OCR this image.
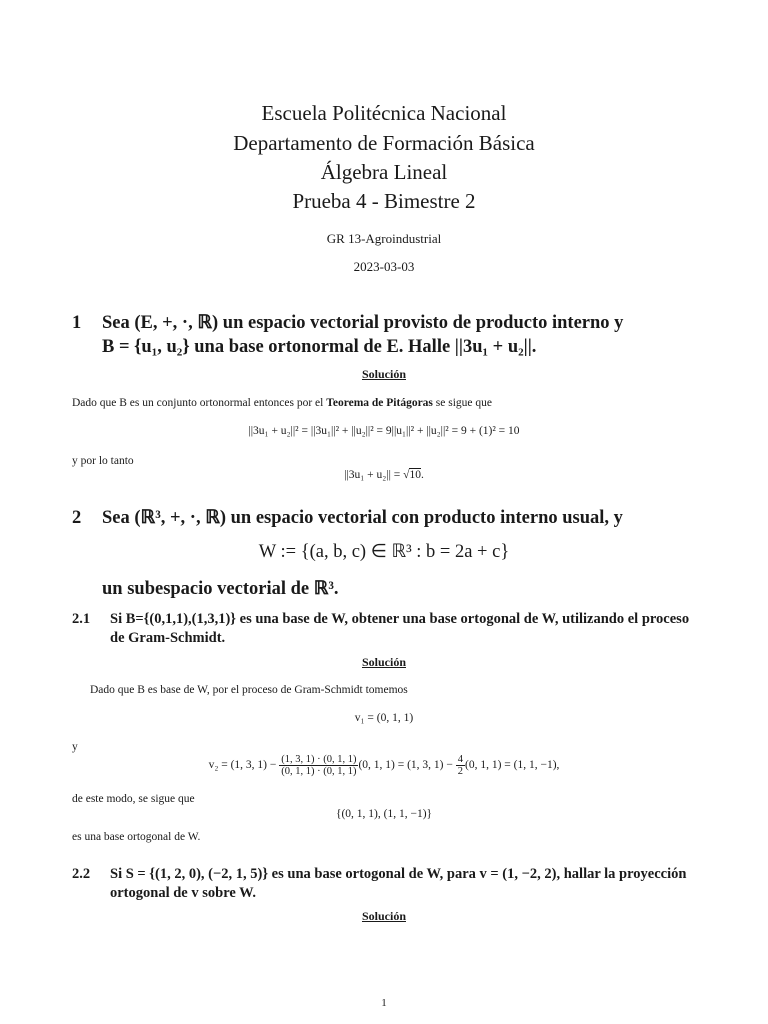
Escuela Politécnica Nacional
Departamento de Formación Básica
Álgebra Lineal
Prueba 4 - Bimestre 2
GR 13-Agroindustrial
2023-03-03
1 Sea (E, +, ·, ℝ) un espacio vectorial provisto de producto interno y
B = {u₁, u₂} una base ortonormal de E. Halle ||3u₁ + u₂||.
Solución
Dado que B es un conjunto ortonormal entonces por el Teorema de Pitágoras se sigue que
||3u₁ + u₂||² = ||3u₁||² + ||u₂||² = 9||u₁||² + ||u₂||² = 9 + (1)² = 10
y por lo tanto
||3u₁ + u₂|| = √10.
2 Sea (ℝ³, +, ·, ℝ) un espacio vectorial con producto interno usual, y
W := {(a, b, c) ∈ ℝ³ : b = 2a + c}
un subespacio vectorial de ℝ³.
2.1 Si B={(0,1,1),(1,3,1)} es una base de W, obtener una base ortogonal de W, utilizando el proceso de Gram-Schmidt.
Solución
Dado que B es base de W, por el proceso de Gram-Schmidt tomemos
v₁ = (0, 1, 1)
y
v₂ = (1, 3, $1) - \frac{(1, 3, 1) \cdot (0, 1, 1)}{(0, 1, 1) \cdot (0, 1, 1)} (0$, 1, 1) = (1, 3, $1) - \frac{4}{2} (0$, 1, 1) = (1, 1, −1),
de este modo, se sigue que
{(0, 1, 1), (1, 1, −1)}
es una base ortogonal de W.
2.2 Si S = {(1, 2, 0), (−2, 1, 5)} es una base ortogonal de W, para v = (1, −2, 2), hallar la proyección ortogonal de v sobre W.
Solución
1
